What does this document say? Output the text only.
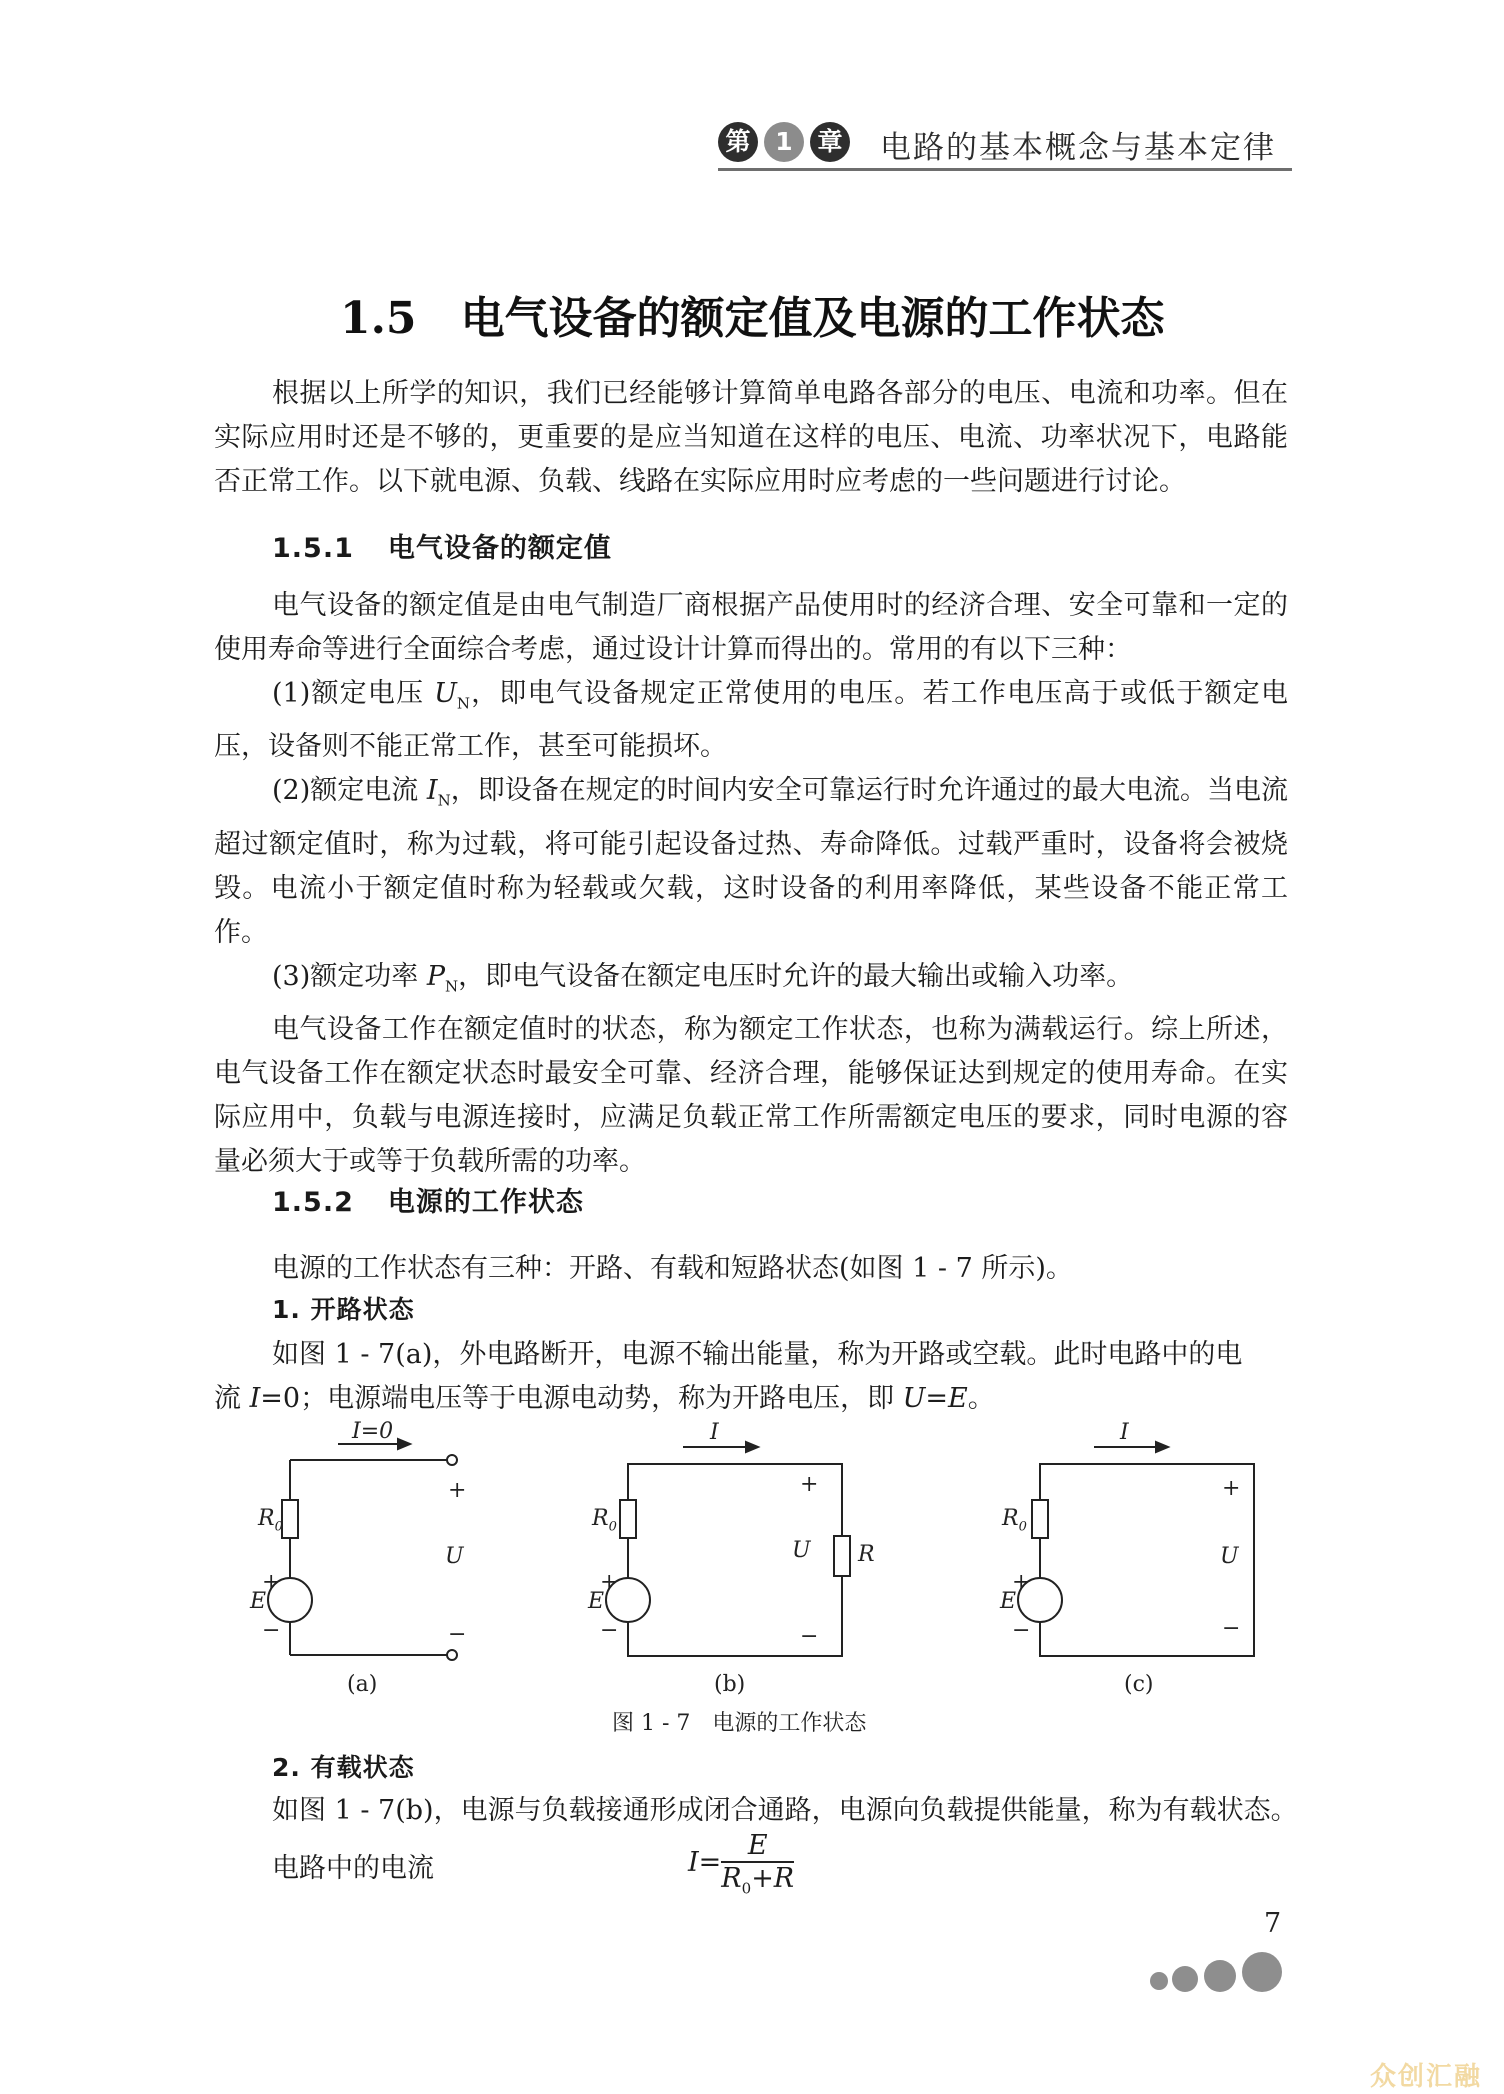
第 1 章 电路的基本概念与基本定律
1.5 电气设备的额定值及电源的工作状态

根据以上所学的知识，我们已经能够计算简单电路各部分的电压、电流和功率。但在实际应用时还是不够的，更重要的是应当知道在这样的电压、电流、功率状况下，电路能否正常工作。以下就电源、负载、线路在实际应用时应考虑的一些问题进行讨论。

1.5.1 电气设备的额定值

电气设备的额定值是由电气制造厂商根据产品使用时的经济合理、安全可靠和一定的使用寿命等进行全面综合考虑，通过设计计算而得出的。常用的有以下三种：

(1)额定电压 $U_N$，即电气设备规定正常使用的电压。若工作电压高于或低于额定电压，设备则不能正常工作，甚至可能损坏。

(2)额定电流 $I_N$，即设备在规定的时间内安全可靠运行时允许通过的最大电流。当电流超过额定值时，称为过载，将可能引起设备过热、寿命降低。过载严重时，设备将会被烧毁。电流小于额定值时称为轻载或欠载，这时设备的利用率降低，某些设备不能正常工作。

(3)额定功率 $P_N$，即电气设备在额定电压时允许的最大输出或输入功率。

电气设备工作在额定值时的状态，称为额定工作状态，也称为满载运行。综上所述，电气设备工作在额定状态时最安全可靠、经济合理，能够保证达到规定的使用寿命。在实际应用中，负载与电源连接时，应满足负载正常工作所需额定电压的要求，同时电源的容量必须大于或等于负载所需的功率。

1.5.2 电源的工作状态
电源的工作状态有三种：开路、有载和短路状态(如图 1 - 7 所示)。
1. 开路状态
如图 1 - 7(a)，外电路断开，电源不输出能量，称为开路或空载。此时电路中的电
流 I=0；电源端电压等于电源电动势，称为开路电压，即 U=E。
I=0
$R_0$
+
E
−
+
U
−
(a)
I
$R_0$
+
E
−
+
U R
−
(b)
I
$R_0$
+
E
−
+
U
−
(c)
图 1 - 7　电源的工作状态
2. 有载状态
如图 1 - 7(b)，电源与负载接通形成闭合通路，电源向负载提供能量，称为有载状态。
电路中的电流	$I= \frac{E}{R_0+R}$
7
众创汇融
